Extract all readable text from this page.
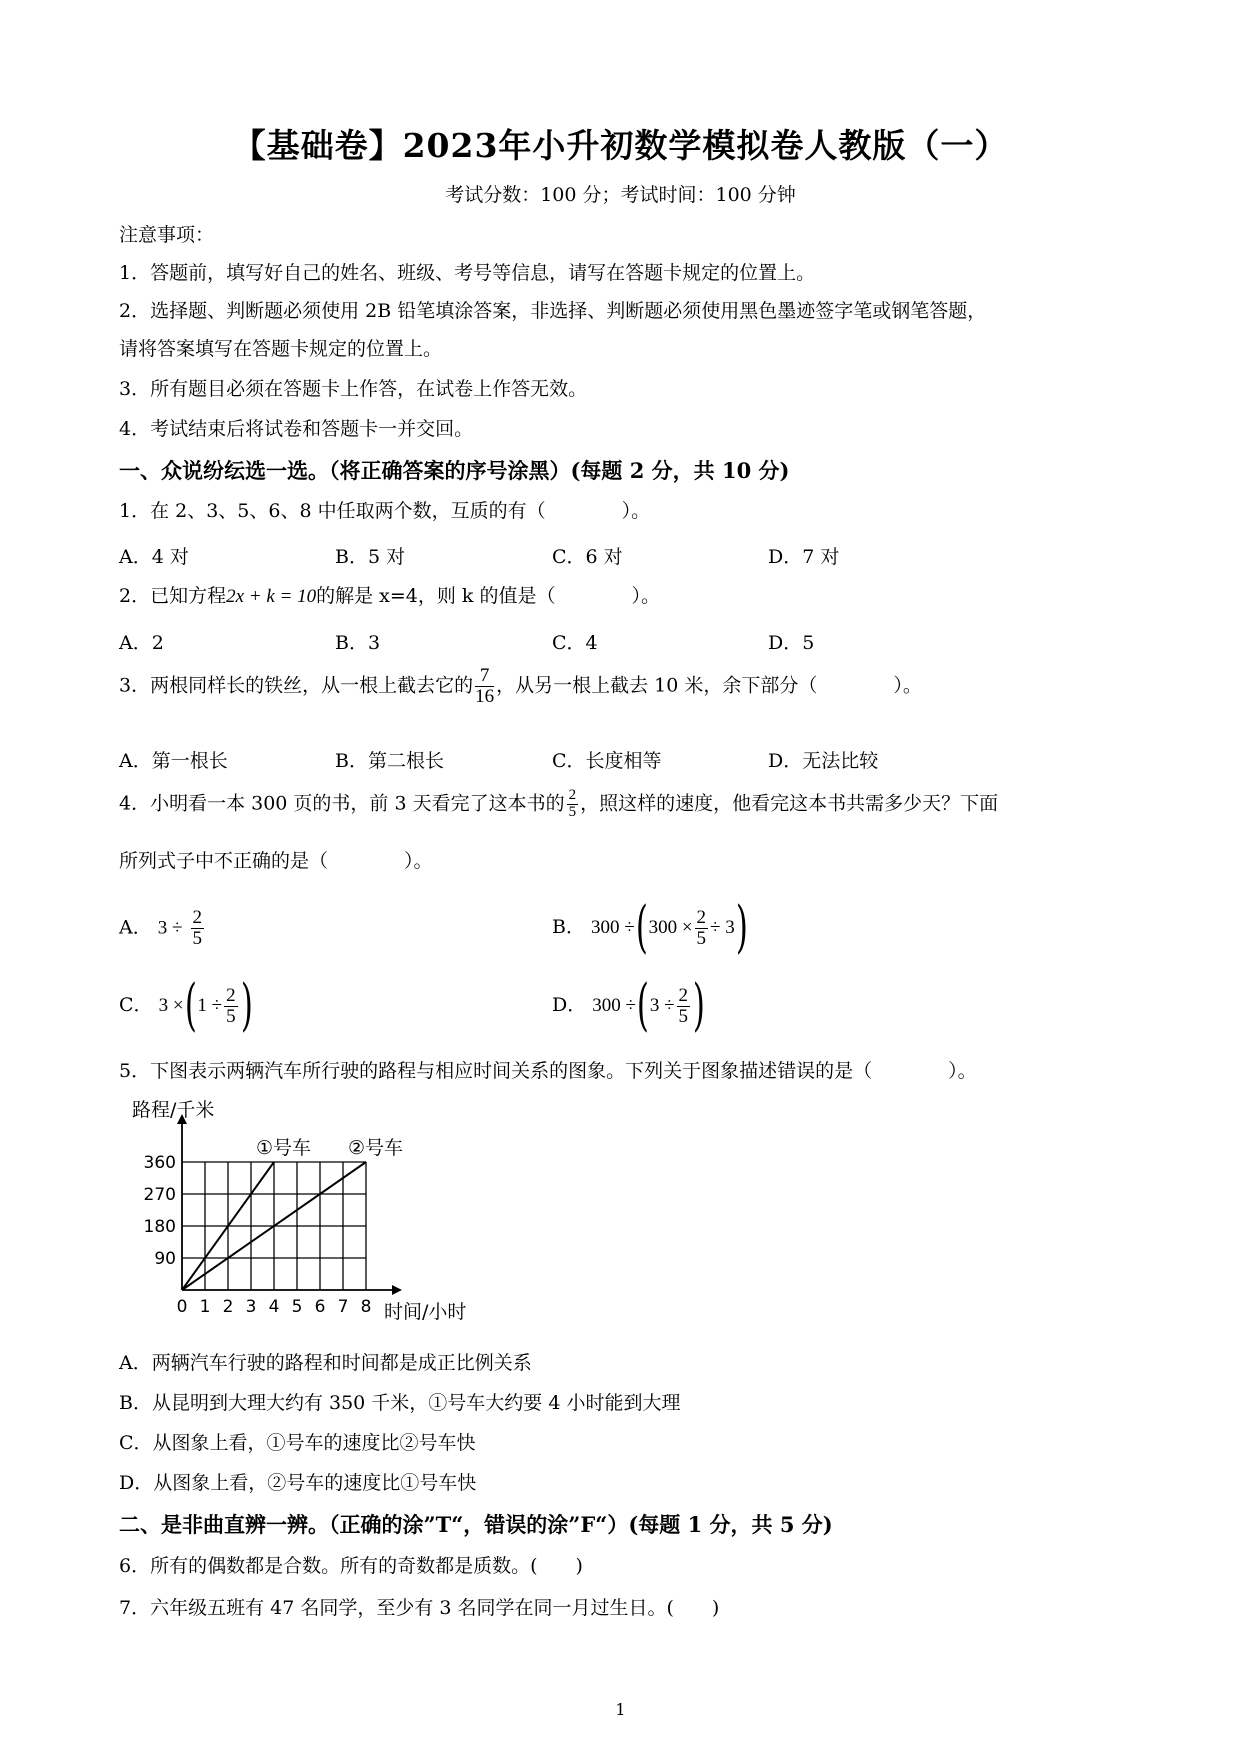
【基础卷】2023年小升初数学模拟卷人教版（一）
考试分数：100 分；考试时间：100 分钟
注意事项：
1．答题前，填写好自己的姓名、班级、考号等信息，请写在答题卡规定的位置上。
2．选择题、判断题必须使用 2B 铅笔填涂答案，非选择、判断题必须使用黑色墨迹签字笔或钢笔答题，
请将答案填写在答题卡规定的位置上。
3．所有题目必须在答题卡上作答，在试卷上作答无效。
4．考试结束后将试卷和答题卡一并交回。
一、众说纷纭选一选。（将正确答案的序号涂黑）(每题 2 分，共 10 分)
1．在 2、3、5、6、8 中任取两个数，互质的有（　　　　）。
A．4 对	B．5 对	C．6 对	D．7 对
2．已知方程2x + k = 10的解是 x=4，则 k 的值是（　　　　）。
A．2	B．3	C．4	D．5
3．两根同样长的铁丝，从一根上截去它的 $\frac{7}{16}$ ，从另一根上截去 10 米，余下部分（　　　　）。
A．第一根长	B．第二根长	C．长度相等	D．无法比较
4．小明看一本 300 页的书，前 3 天看完了这本书的 $\frac{2}{5}$ ，照这样的速度，他看完这本书共需多少天？下面
所列式子中不正确的是（　　　　）。
A． $3 \div \frac{2}{5}$	B． $300 \div(300 \times \frac{2}{5} \div 3)$
C． $3 \times(1 \div \frac{2}{5}$ )	D． $300 \div(3 \div \frac{2}{5}$ )
5．下图表示两辆汽车所行驶的路程与相应时间关系的图象。下列关于图象描述错误的是（　　　　）。
①号车 ②号车
0 1 2 3 4 5 6 7 8
90
180
270
360
路程/千米
时间/小时
A．两辆汽车行驶的路程和时间都是成正比例关系
B．从昆明到大理大约有 350 千米，①号车大约要 4 小时能到大理
C．从图象上看，①号车的速度比②号车快
D．从图象上看，②号车的速度比①号车快
二、是非曲直辨一辨。（正确的涂”T“，错误的涂”F“）(每题 1 分，共 5 分)
6．所有的偶数都是合数。所有的奇数都是质数。(　　)
7．六年级五班有 47 名同学，至少有 3 名同学在同一月过生日。(　　)
1
